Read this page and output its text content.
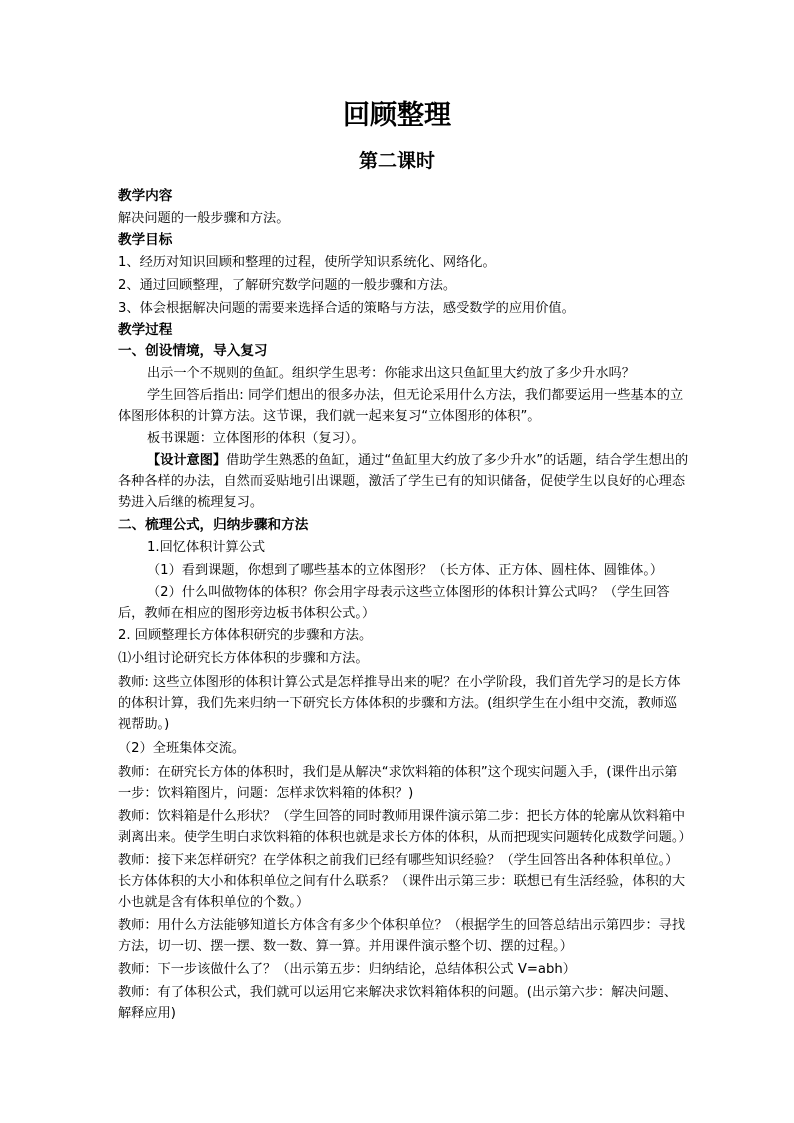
回顾整理
第二课时
教学内容

解决问题的一般步骤和方法。

教学目标

1、经历对知识回顾和整理的过程，使所学知识系统化、网络化。

2、通过回顾整理，了解研究数学问题的一般步骤和方法。

3、体会根据解决问题的需要来选择合适的策略与方法，感受数学的应用价值。

教学过程
一、创设情境，导入复习

出示一个不规则的鱼缸。组织学生思考：你能求出这只鱼缸里大约放了多少升水吗？

学生回答后指出: 同学们想出的很多办法，但无论采用什么方法，我们都要运用一些基本的立体图形体积的计算方法。这节课，我们就一起来复习“立体图形的体积”。

板书课题：立体图形的体积（复习）。

【设计意图】借助学生熟悉的鱼缸，通过“鱼缸里大约放了多少升水”的话题，结合学生想出的各种各样的办法，自然而妥贴地引出课题，激活了学生已有的知识储备，促使学生以良好的心理态势进入后继的梳理复习。

二、梳理公式，归纳步骤和方法

1.回忆体积计算公式

（1）看到课题，你想到了哪些基本的立体图形？（长方体、正方体、圆柱体、圆锥体。）

（2）什么叫做物体的体积？你会用字母表示这些立体图形的体积计算公式吗？（学生回答后，教师在相应的图形旁边板书体积公式。）

2. 回顾整理长方体体积研究的步骤和方法。

⑴小组讨论研究长方体体积的步骤和方法。

教师: 这些立体图形的体积计算公式是怎样推导出来的呢？在小学阶段，我们首先学习的是长方体的体积计算，我们先来归纳一下研究长方体体积的步骤和方法。(组织学生在小组中交流，教师巡视帮助。)

（2）全班集体交流。

教师：在研究长方体的体积时，我们是从解决“求饮料箱的体积”这个现实问题入手，(课件出示第一步：饮料箱图片，问题：怎样求饮料箱的体积？)

教师：饮料箱是什么形状？（学生回答的同时教师用课件演示第二步：把长方体的轮廓从饮料箱中剥离出来。使学生明白求饮料箱的体积也就是求长方体的体积，从而把现实问题转化成数学问题。）

教师：接下来怎样研究？在学体积之前我们已经有哪些知识经验？（学生回答出各种体积单位。）长方体体积的大小和体积单位之间有什么联系？（课件出示第三步：联想已有生活经验，体积的大小也就是含有体积单位的个数。）

教师：用什么方法能够知道长方体含有多少个体积单位？（根据学生的回答总结出示第四步：寻找方法，切一切、摆一摆、数一数、算一算。并用课件演示整个切、摆的过程。）

教师：下一步该做什么了？（出示第五步：归纳结论，总结体积公式 V=abh）

教师：有了体积公式，我们就可以运用它来解决求饮料箱体积的问题。(出示第六步：解决问题、解释应用)
